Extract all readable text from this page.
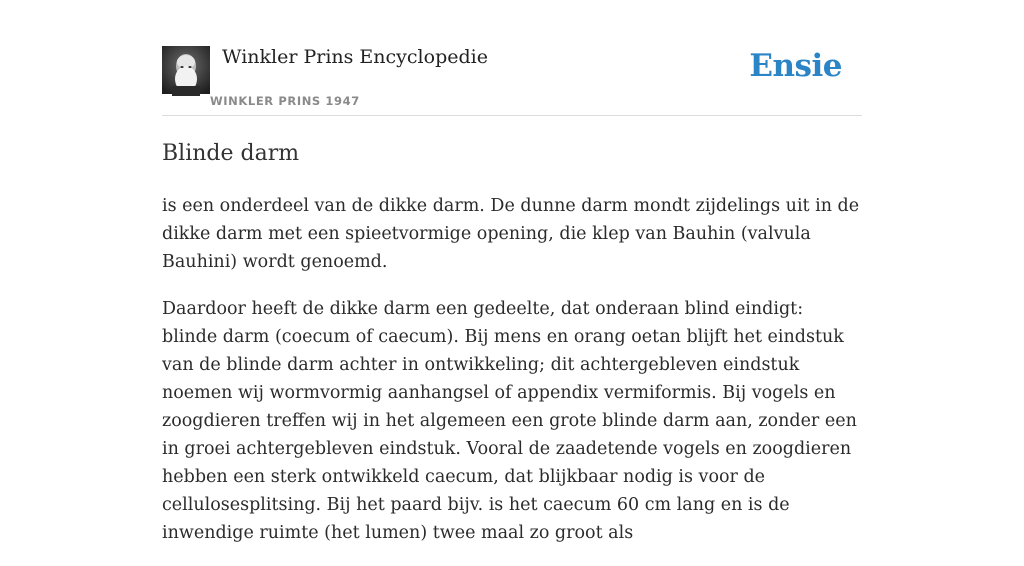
Winkler Prins Encyclopedie
WINKLER PRINS 1947
Ensie
Blinde darm

is een onderdeel van de dikke darm. De dunne darm mondt zijdelings uit in de dikke darm met een spieetvormige opening, die klep van Bauhin (valvula Bauhini) wordt genoemd.

Daardoor heeft de dikke darm een gedeelte, dat onderaan blind eindigt: blinde darm (coecum of caecum). Bij mens en orang oetan blijft het eindstuk van de blinde darm achter in ontwikkeling; dit achtergebleven eindstuk noemen wij wormvormig aanhangsel of appendix vermiformis. Bij vogels en zoogdieren treffen wij in het algemeen een grote blinde darm aan, zonder een in groei achtergebleven eindstuk. Vooral de zaadetende vogels en zoogdieren hebben een sterk ontwikkeld caecum, dat blijkbaar nodig is voor de cellulosesplitsing. Bij het paard bijv. is het caecum 60 cm lang en is de inwendige ruimte (het lumen) twee maal zo groot als
